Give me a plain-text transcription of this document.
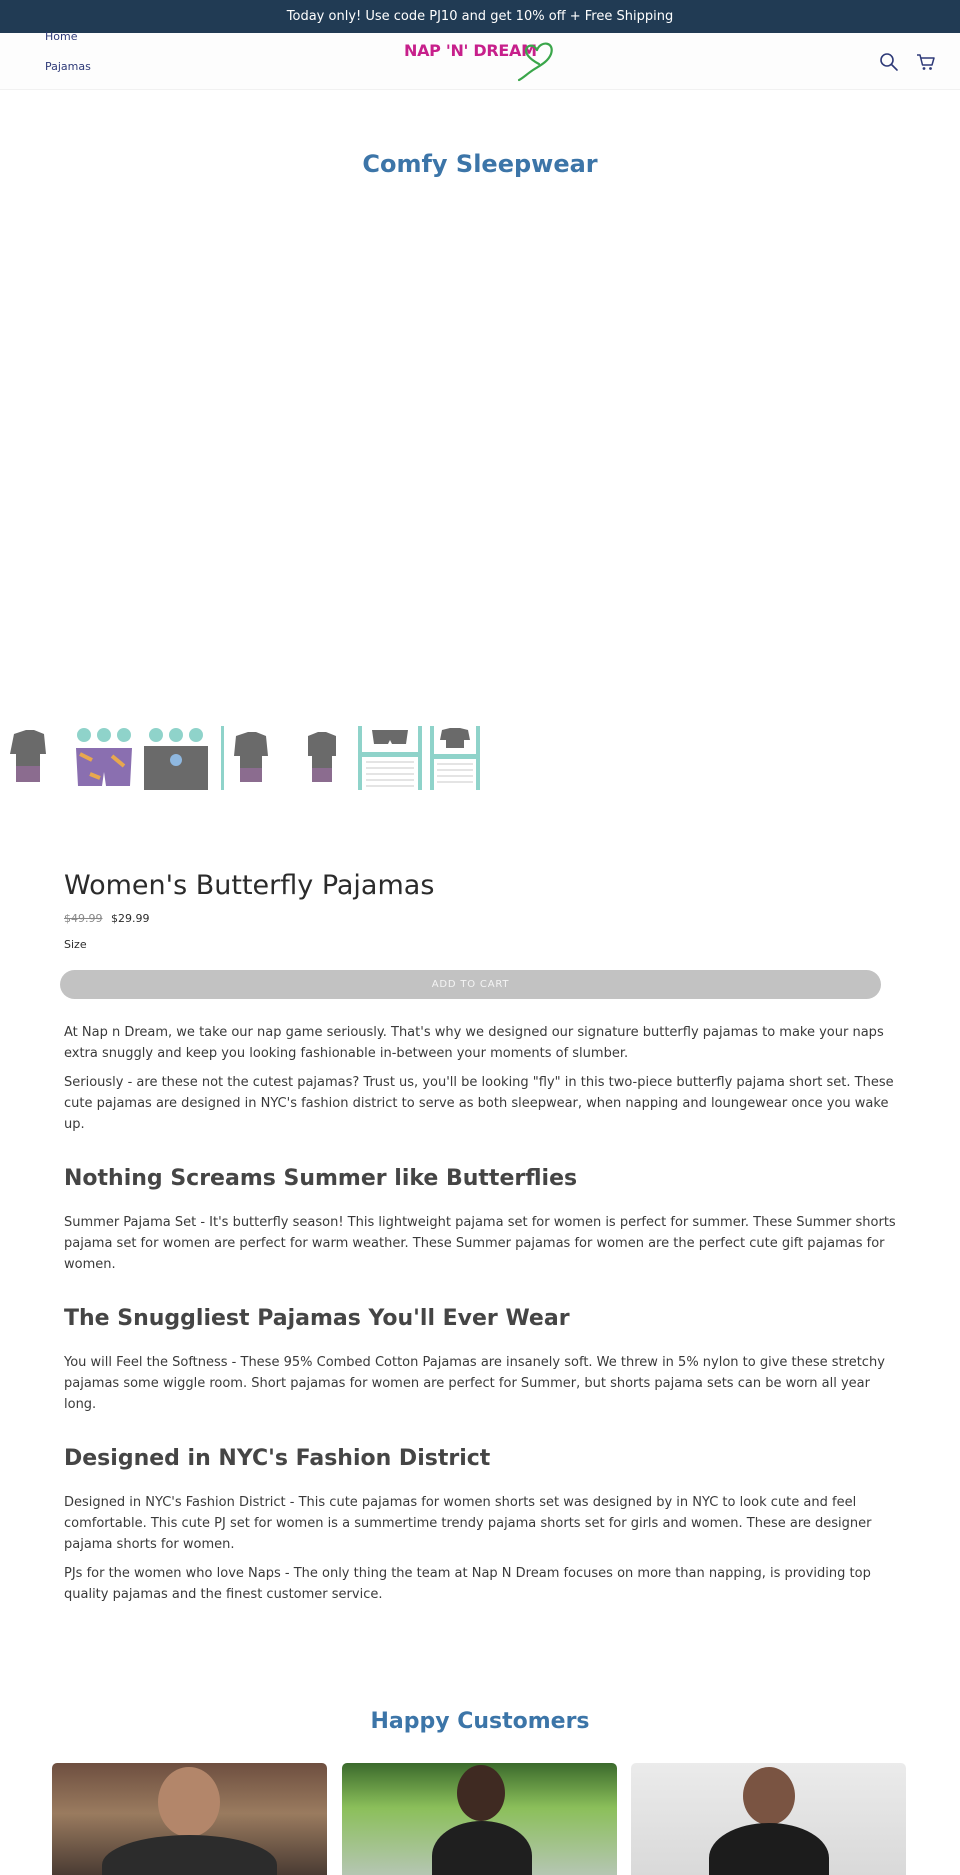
Today only! Use code PJ10 and get 10% off + Free Shipping
Home
Pajamas
NAP 'N' DREAM
Comfy Sleepwear
Women's Butterfly Pajamas
$49.99 $29.99
Size
ADD TO CART

At Nap n Dream, we take our nap game seriously. That's why we designed our signature butterfly pajamas to make your naps extra snuggly and keep you looking fashionable in-between your moments of slumber.

Seriously - are these not the cutest pajamas? Trust us, you'll be looking "fly" in this two-piece butterfly pajama short set. These cute pajamas are designed in NYC's fashion district to serve as both sleepwear, when napping and loungewear once you wake up.

Nothing Screams Summer like Butterflies

Summer Pajama Set - It's butterfly season! This lightweight pajama set for women is perfect for summer. These Summer shorts pajama set for women are perfect for warm weather. These Summer pajamas for women are the perfect cute gift pajamas for women.

The Snuggliest Pajamas You'll Ever Wear

You will Feel the Softness - These 95% Combed Cotton Pajamas are insanely soft. We threw in 5% nylon to give these stretchy pajamas some wiggle room. Short pajamas for women are perfect for Summer, but shorts pajama sets can be worn all year long.

Designed in NYC's Fashion District

Designed in NYC's Fashion District - This cute pajamas for women shorts set was designed by in NYC to look cute and feel comfortable. This cute PJ set for women is a summertime trendy pajama shorts set for girls and women. These are designer pajama shorts for women.

PJs for the women who love Naps - The only thing the team at Nap N Dream focuses on more than napping, is providing top quality pajamas and the finest customer service.

Happy Customers
